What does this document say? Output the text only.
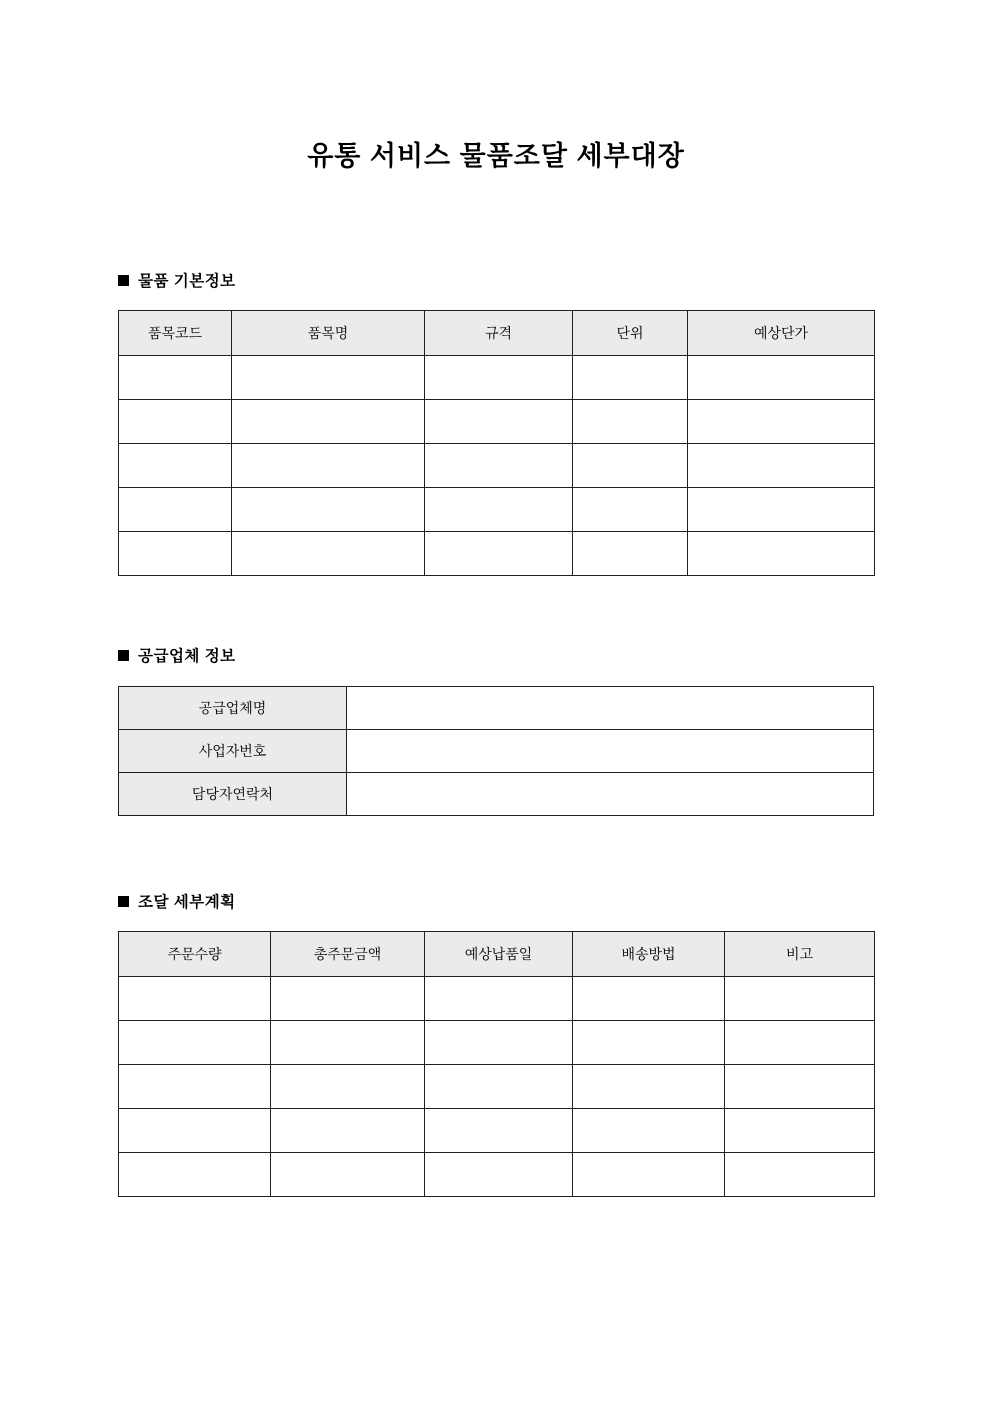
유통 서비스 물품조달 세부대장
물품 기본정보
품목코드	품목명	규격	단위	예상단가

공급업체 정보
공급업체명	
사업자번호	
담당자연락처	
조달 세부계획
주문수량	총주문금액	예상납품일	배송방법	비고
